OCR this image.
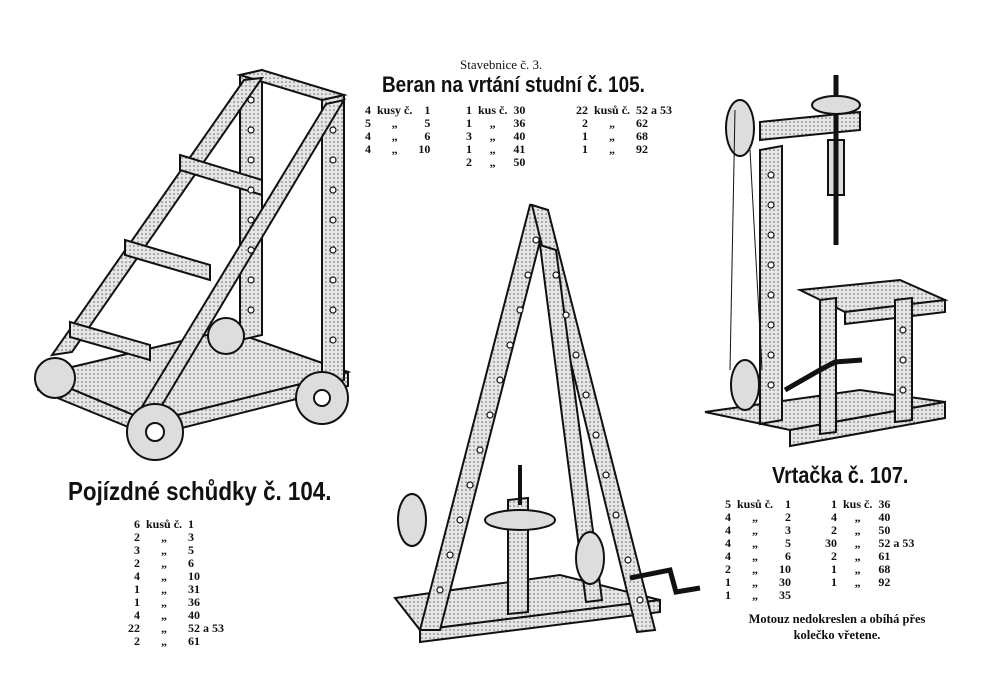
Stavebnice č. 3.
Beran na vrtání studní č. 105.
4	kusy č.	1
5	„	5
4	„	6
4	„	10
1	kus č.	30
1	„	36
3	„	40
1	„	41
2	„	50
22	kusů č.	52 a 53
2	„	62
1	„	68
1	„	92
Pojízdné schůdky č. 104.
6	kusů č.	1
2	„	3
3	„	5
2	„	6
4	„	10
1	„	31
1	„	36
4	„	40
22	„	52 a 53
2	„	61
Vrtačka č. 107.
5	kusů č.	1
4	„	2
4	„	3
4	„	5
4	„	6
2	„	10
1	„	30
1	„	35
1	kus č.	36
4	„	40
2	„	50
30	„	52 a 53
2	„	61
1	„	68
1	„	92
Motouz nedokreslen a obíhá přes
kolečko vřetene.
